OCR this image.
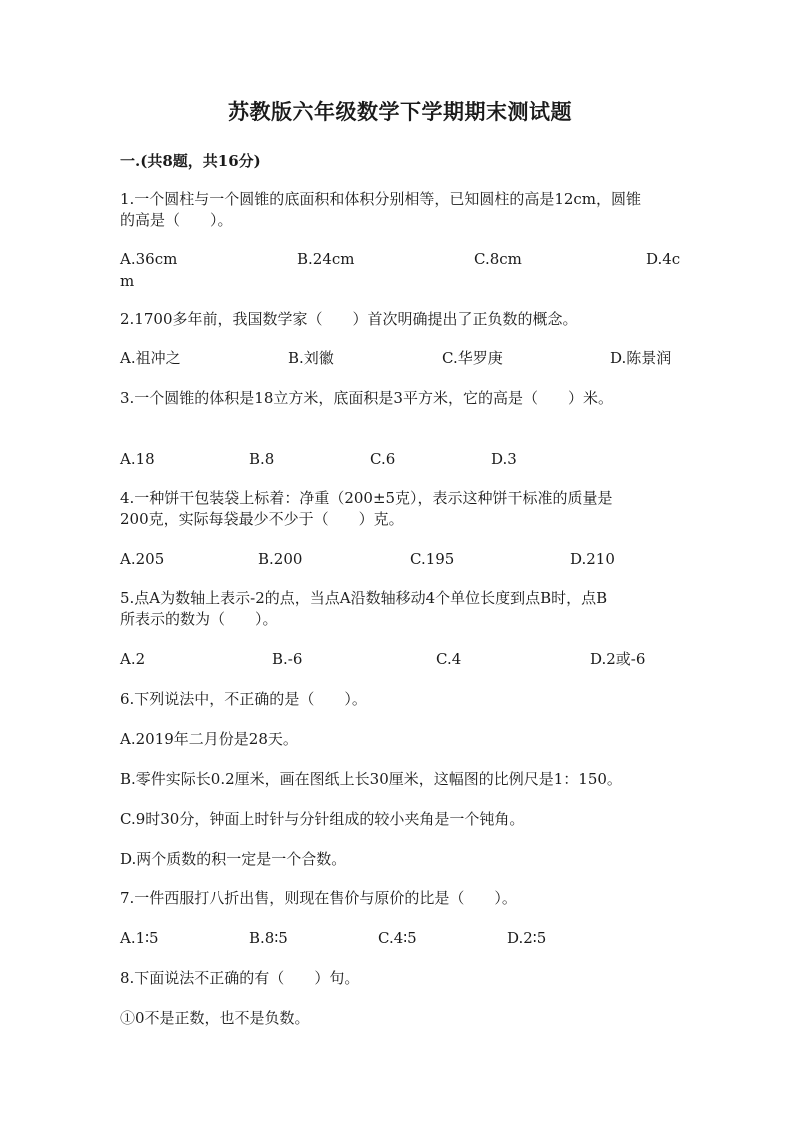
苏教版六年级数学下学期期末测试题
一.(共8题，共16分)
1.一个圆柱与一个圆锥的底面积和体积分别相等，已知圆柱的高是12cm，圆锥
的高是（　　）。
A.36cm	B.24cm	C.8cm	D.4c
m
2.1700多年前，我国数学家（　　）首次明确提出了正负数的概念。
A.祖冲之	B.刘徽	C.华罗庚	D.陈景润
3.一个圆锥的体积是18立方米，底面积是3平方米，它的高是（　　）米。
A.18	B.8	C.6	D.3
4.一种饼干包装袋上标着：净重（200±5克），表示这种饼干标准的质量是
200克，实际每袋最少不少于（　　）克。
A.205	B.200	C.195	D.210
5.点A为数轴上表示-2的点，当点A沿数轴移动4个单位长度到点B时，点B
所表示的数为（　　）。
A.2	B.-6	C.4	D.2或-6
6.下列说法中，不正确的是（　　）。
A.2019年二月份是28天。
B.零件实际长0.2厘米，画在图纸上长30厘米，这幅图的比例尺是1：150。
C.9时30分，钟面上时针与分针组成的较小夹角是一个钝角。
D.两个质数的积一定是一个合数。
7.一件西服打八折出售，则现在售价与原价的比是（　　）。
A.1∶5	B.8∶5	C.4∶5	D.2∶5
8.下面说法不正确的有（　　）句。
①0不是正数，也不是负数。
